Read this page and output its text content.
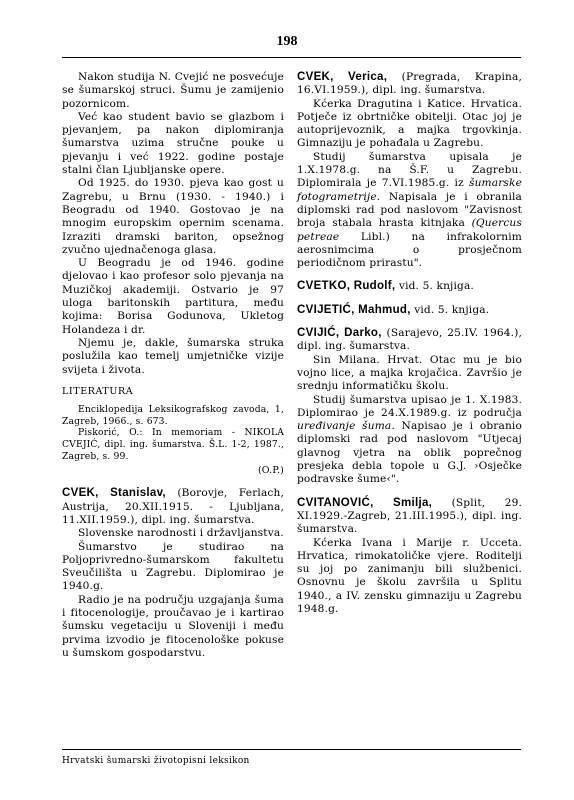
198

Nakon studija N. Cvejić ne posvećuje se šumarskoj struci. Šumu je zamijenio pozornicom.

Već kao student bavio se glazbom i pjevanjem, pa nakon diplomiranja šumarstva uzima stručne pouke u pjevanju i već 1922. godine postaje stalni član Ljubljanske opere.

Od 1925. do 1930. pjeva kao gost u Zagrebu, u Brnu (1930. - 1940.) i Beogradu od 1940. Gostovao je na mnogim europskim opernim scenama. Izraziti dramski bariton, opsežnog zvučno ujednačenoga glasa.

U Beogradu je od 1946. godine djelovao i kao profesor solo pjevanja na Muzičkoj akademiji. Ostvario je 97 uloga baritonskih partitura, među kojima: Borisa Godunova, Ukletog Holandeza i dr.

Njemu je, dakle, šumarska struka poslužila kao temelj umjetničke vizije svijeta i života.

LITERATURA

Enciklopedija Leksikografskog zavoda, 1, Zagreb, 1966., s. 673.

Piskorić, O.: In memoriam - NIKOLA CVEJIĆ, dipl. ing. šumarstva. Š.L. 1-2, 1987., Zagreb, s. 99.

(O.P.)

CVEK, Stanislav, (Borovje, Ferlach, Austrija, 20.XII.1915. - Ljubljana, 11.XII.1959.), dipl. ing. šumarstva.

Slovenske narodnosti i državljanstva.

Šumarstvo je studirao na Poljoprivredno-šumarskom fakultetu Sveučilišta u Zagrebu. Diplomirao je 1940.g.

Radio je na području uzgajanja šuma i fitocenologije, proučavao je i kartirao šumsku vegetaciju u Sloveniji i među prvima izvodio je fitocenološke pokuse u šumskom gospodarstvu.

CVEK, Verica, (Pregrada, Krapina, 16.VI.1959.), dipl. ing. šumarstva.

Kćerka Dragutina i Katice. Hrvatica. Potječe iz obrtničke obitelji. Otac joj je autoprijevoznik, a majka trgovkinja. Gimnaziju je pohađala u Zagrebu.

Studij šumarstva upisala je 1.X.1978.g. na Š.F. u Zagrebu. Diplomirala je 7.VI.1985.g. iz šumarske fotogrametrije. Napisala je i obranila diplomski rad pod naslovom "Zavisnost broja stabala hrasta kitnjaka (Quercus petreae Libl.) na infrakolornim aerosnimcima o prosječnom periodičnom prirastu".

CVETKO, Rudolf, vid. 5. knjiga.

CVIJETIĆ, Mahmud, vid. 5. knjiga.

CVIJIĆ, Darko, (Sarajevo, 25.IV. 1964.), dipl. ing. šumarstva.

Sin Milana. Hrvat. Otac mu je bio vojno lice, a majka krojačica. Završio je srednju informatičku školu.

Studij šumarstva upisao je 1. X.1983. Diplomirao je 24.X.1989.g. iz područja uređivanje šuma. Napisao je i obranio diplomski rad pod naslovom "Utjecaj glavnog vjetra na oblik poprečnog presjeka debla topole u G.J. ›Osječke podravske šume‹".

CVITANOVIĆ, Smilja, (Split, 29. XI.1929.-Zagreb, 21.III.1995.), dipl. ing. šumarstva.

Kćerka Ivana i Marije r. Ucceta. Hrvatica, rimokatoličke vjere. Roditelji su joj po zanimanju bili službenici. Osnovnu je školu završila u Splitu 1940., a IV. zensku gimnaziju u Zagrebu 1948.g.

Hrvatski šumarski životopisni leksikon
